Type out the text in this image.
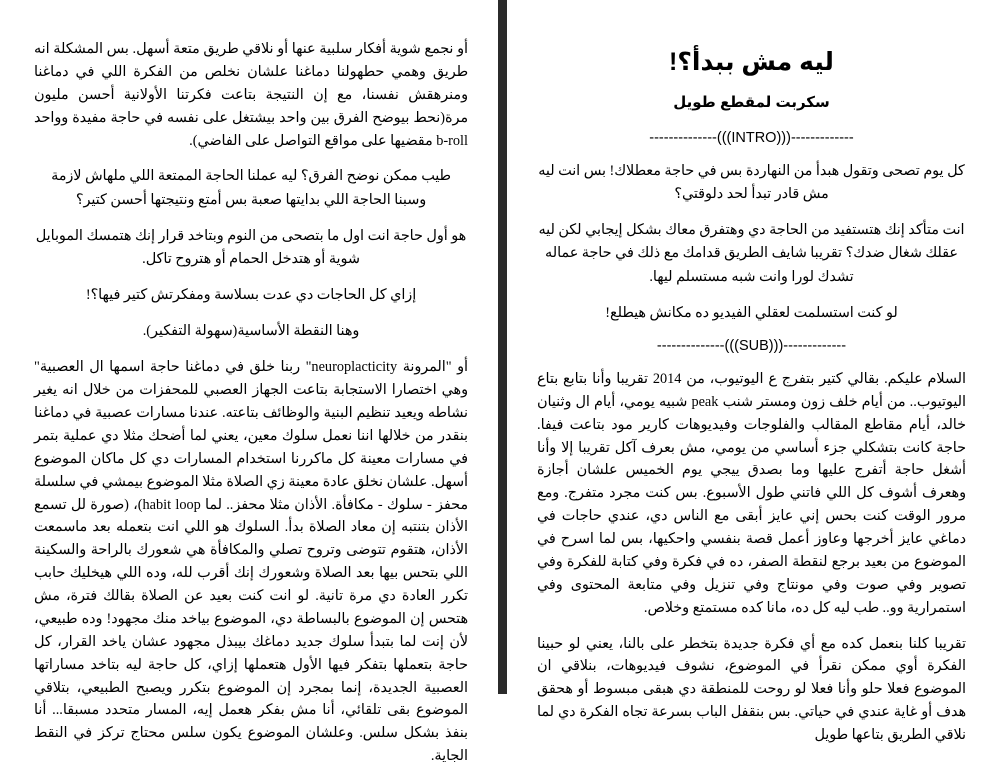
ليه مش ببدأ؟!
سكربت لمقطع طويل
--------------(((INTRO)))-------------

كل يوم تصحى وتقول هبدأ من النهاردة بس في حاجة معطلاك! بس انت ليه مش قادر تبدأ لحد دلوقتي؟

انت متأكد إنك هتستفيد من الحاجة دي وهتفرق معاك بشكل إيجابي لكن ليه عقلك شغال ضدك؟ تقريبا شايف الطريق قدامك مع ذلك في حاجة عماله تشدك لورا وانت شبه مستسلم ليها.

لو كنت استسلمت لعقلي الفيديو ده مكانش هيطلع!

--------------(((SUB)))-------------

السلام عليكم. بقالي كتير بتفرج ع اليوتيوب، من 2014 تقريبا وأنا بتابع بتاع اليوتيوب.. من أيام خلف زون ومستر شنب peak شبيه يومي، أيام ال وثنيان خالد، أيام مقاطع المقالب والفلوجات وفيديوهات كارير مود بتاعت فيفا. حاجة كانت بتشكلي جزء أساسي من يومي، مش بعرف آكل تقريبا إلا وأنا أشغل حاجة أتفرج عليها وما بصدق ييجي يوم الخميس علشان أجازة وهعرف أشوف كل اللي فاتني طول الأسبوع. بس كنت مجرد متفرج. ومع مرور الوقت كنت بحس إني عايز أبقى مع الناس دي، عندي حاجات في دماغي عايز أخرجها وعاوز أعمل قصة بنفسي واحكيها، بس لما اسرح في الموضوع من بعيد برجع لنقطة الصفر، ده في فكرة وفي كتابة للفكرة وفي تصوير وفي صوت وفي مونتاج وفي تنزيل وفي متابعة المحتوى وفي استمرارية وو.. طب ليه كل ده، مانا كده مستمتع وخلاص.

تقريبا كلنا بنعمل كده مع أي فكرة جديدة بتخطر على بالنا، يعني لو حبينا الفكرة أوي ممكن نقرأ في الموضوع، نشوف فيديوهات، بنلاقي ان الموضوع فعلا حلو وأنا فعلا لو روحت للمنطقة دي هبقى مبسوط أو هحقق هدف أو غاية عندي في حياتي. بس بنقفل الباب بسرعة تجاه الفكرة دي لما نلاقي الطريق بتاعها طويل

أو نجمع شوية أفكار سلبية عنها أو نلاقي طريق متعة أسهل. بس المشكلة انه طريق وهمي حطهولنا دماغنا علشان نخلص من الفكرة اللي في دماغنا ومنرهقش نفسنا، مع إن النتيجة بتاعت فكرتنا الأولانية أحسن مليون مرة(نحط بيوضح الفرق بين واحد بيشتغل على نفسه في حاجة مفيدة وواحد b-roll مقضيها على مواقع التواصل على الفاضي).

طيب ممكن نوضح الفرق؟ ليه عملنا الحاجة الممتعة اللي ملهاش لازمة وسبنا الحاجة اللي بدايتها صعبة بس أمتع ونتيجتها أحسن كتير؟

هو أول حاجة انت اول ما بتصحى من النوم وبتاخد قرار إنك هتمسك الموبايل شوية أو هتدخل الحمام أو هتروح تاكل.

إزاي كل الحاجات دي عدت بسلاسة ومفكرتش كتير فيها؟!

وهنا النقطة الأساسية(سهولة التفكير).

أو "المرونة neuroplacticity" ربنا خلق في دماغنا حاجة اسمها ال العصبية" وهي اختصارا الاستجابة بتاعت الجهاز العصبي للمحفزات من خلال انه يغير نشاطه ويعيد تنظيم البنية والوظائف بتاعته. عندنا مسارات عصبية في دماغنا بنقدر من خلالها اننا نعمل سلوك معين، يعني لما أضحك مثلا دي عملية بتمر في مسارات معينة كل ماكررنا استخدام المسارات دي كل ماكان الموضوع أسهل. علشان نخلق عادة معينة زي الصلاة مثلا الموضوع بيمشي في سلسلة محفز - سلوك - مكافأة. الأذان مثلا محفز.. لما habit loop)، (صورة لل تسمع الأذان بتنتبه إن معاد الصلاة بدأ. السلوك هو اللي انت بتعمله بعد ماسمعت الأذان، هتقوم تتوضى وتروح تصلي والمكافأة هي شعورك بالراحة والسكينة اللي بتحس بيها بعد الصلاة وشعورك إنك أقرب لله، وده اللي هيخليك حابب تكرر العادة دي مرة تانية. لو انت كنت بعيد عن الصلاة بقالك فترة، مش هتحس إن الموضوع بالبساطة دي، الموضوع بياخد منك مجهود! وده طبيعي، لأن إنت لما بتبدأ سلوك جديد دماغك بيبذل مجهود عشان ياخد القرار، كل حاجة بتعملها بتفكر فيها الأول هتعملها إزاي، كل حاجة ليه بتاخد مساراتها العصبية الجديدة، إنما بمجرد إن الموضوع بتكرر ويصبح الطبيعي، بتلاقي الموضوع بقى تلقائي، أنا مش بفكر هعمل إيه، المسار متحدد مسبقا... أنا بنفذ بشكل سلس. وعلشان الموضوع يكون سلس محتاج تركز في النقط الجاية.
